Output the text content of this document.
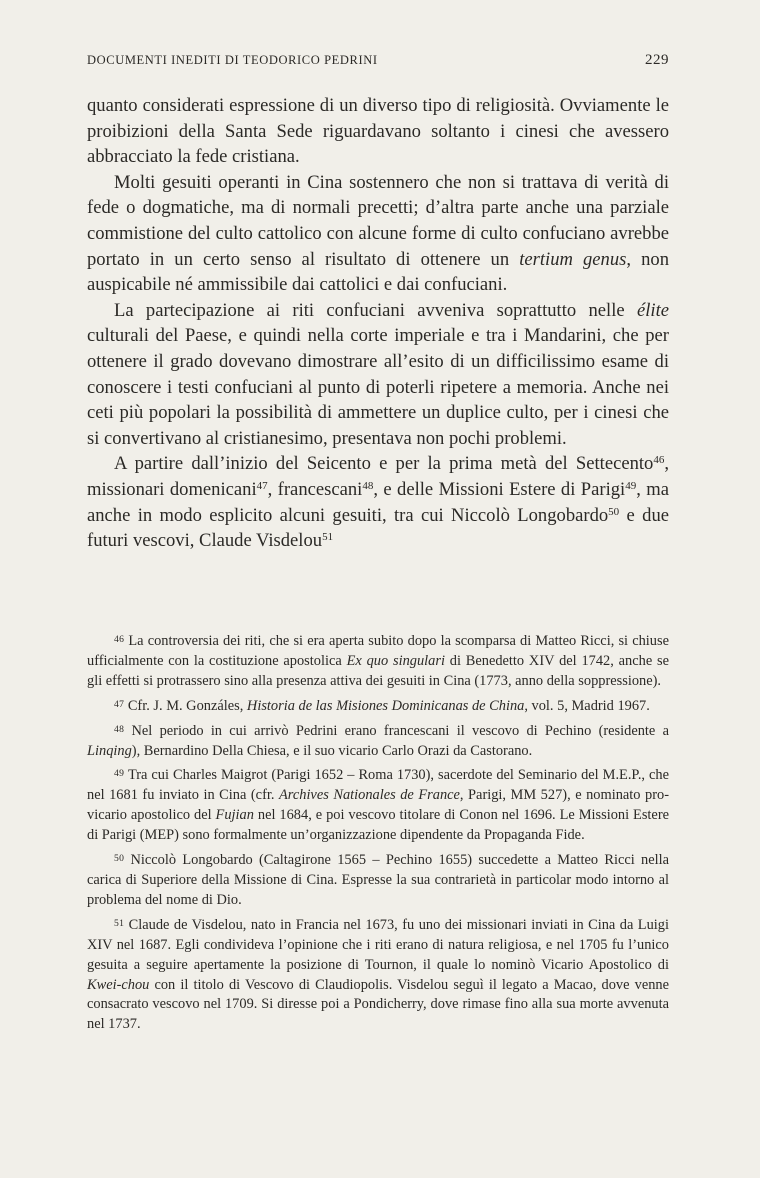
DOCUMENTI INEDITI DI TEODORICO PEDRINI	229

quanto considerati espressione di un diverso tipo di religiosità. Ovviamente le proibizioni della Santa Sede riguardavano soltanto i cinesi che avessero abbracciato la fede cristiana.

Molti gesuiti operanti in Cina sostennero che non si trattava di verità di fede o dogmatiche, ma di normali precetti; d’altra parte anche una parziale commistione del culto cattolico con alcune forme di culto confuciano avrebbe portato in un certo senso al risultato di ottenere un tertium genus, non auspicabile né ammissibile dai cattolici e dai confuciani.

La partecipazione ai riti confuciani avveniva soprattutto nelle élite culturali del Paese, e quindi nella corte imperiale e tra i Mandarini, che per ottenere il grado dovevano dimostrare all’esito di un difficilissimo esame di conoscere i testi confuciani al punto di poterli ripetere a memoria. Anche nei ceti più popolari la possibilità di ammettere un duplice culto, per i cinesi che si convertivano al cristianesimo, presentava non pochi problemi.

A partire dall’inizio del Seicento e per la prima metà del Settecento$^{46}$, missionari domenicani$^{47}$, francescani$^{48}$, e delle Missioni Estere di Parigi$^{49}$, ma anche in modo esplicito alcuni gesuiti, tra cui Niccolò Longobardo$^{50}$ e due futuri vescovi, Claude Visdelou$^{51}$

$^{46}$ La controversia dei riti, che si era aperta subito dopo la scomparsa di Matteo Ricci, si chiuse ufficialmente con la costituzione apostolica Ex quo singulari di Benedetto XIV del 1742, anche se gli effetti si protrassero sino alla presenza attiva dei gesuiti in Cina (1773, anno della soppressione).

$^{47}$ Cfr. J. M. Gonzáles, Historia de las Misiones Dominicanas de China, vol. 5, Madrid 1967.

$^{48}$ Nel periodo in cui arrivò Pedrini erano francescani il vescovo di Pechino (residente a Linqing), Bernardino Della Chiesa, e il suo vicario Carlo Orazi da Castorano.

$^{49}$ Tra cui Charles Maigrot (Parigi 1652 – Roma 1730), sacerdote del Seminario del M.E.P., che nel 1681 fu inviato in Cina (cfr. Archives Nationales de France, Parigi, MM 527), e nominato pro-vicario apostolico del Fujian nel 1684, e poi vescovo titolare di Conon nel 1696. Le Missioni Estere di Parigi (MEP) sono formalmente un’organizzazione dipendente da Propaganda Fide.

$^{50}$ Niccolò Longobardo (Caltagirone 1565 – Pechino 1655) succedette a Matteo Ricci nella carica di Superiore della Missione di Cina. Espresse la sua contrarietà in particolar modo intorno al problema del nome di Dio.

$^{51}$ Claude de Visdelou, nato in Francia nel 1673, fu uno dei missionari inviati in Cina da Luigi XIV nel 1687. Egli condivideva l’opinione che i riti erano di natura religiosa, e nel 1705 fu l’unico gesuita a seguire apertamente la posizione di Tournon, il quale lo nominò Vicario Apostolico di Kwei-chou con il titolo di Vescovo di Claudiopolis. Visdelou seguì il legato a Macao, dove venne consacrato vescovo nel 1709. Si diresse poi a Pondicherry, dove rimase fino alla sua morte avvenuta nel 1737.
